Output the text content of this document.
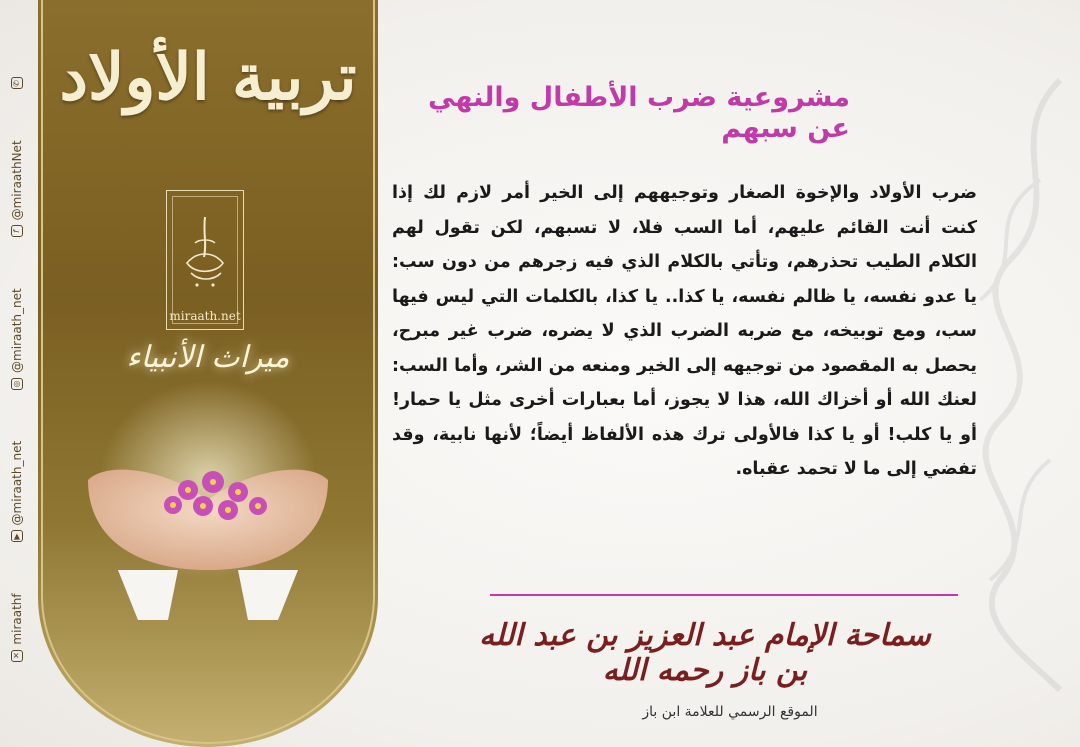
✆
f
@miraathNet
◎
@miraath_net
▶
@miraath_net
✕
miraathf
تربية الأولاد
miraath.net
ميراث الأنبياء
مشروعية ضرب الأطفال والنهي عن سبهم
ضرب الأولاد والإخوة الصغار وتوجيههم إلى الخير أمر لازم لك إذا كنت أنت القائم عليهم، أما السب فلا، لا تسبهم، لكن تقول لهم الكلام الطيب تحذرهم، وتأتي بالكلام الذي فيه زجرهم من دون سب: يا عدو نفسه، يا ظالم نفسه، يا كذا.. يا كذا، بالكلمات التي ليس فيها سب، ومع توبيخه، مع ضربه الضرب الذي لا يضره، ضرب غير مبرح، يحصل به المقصود من توجيهه إلى الخير ومنعه من الشر، وأما السب: لعنك الله أو أخزاك الله، هذا لا يجوز، أما بعبارات أخرى مثل يا حمار! أو يا كلب! أو يا كذا فالأولى ترك هذه الألفاظ أيضاً؛ لأنها نابية، وقد تفضي إلى ما لا تحمد عقباه.
سماحة الإمام عبد العزيز بن عبد الله بن باز رحمه الله
الموقع الرسمي للعلامة ابن باز
